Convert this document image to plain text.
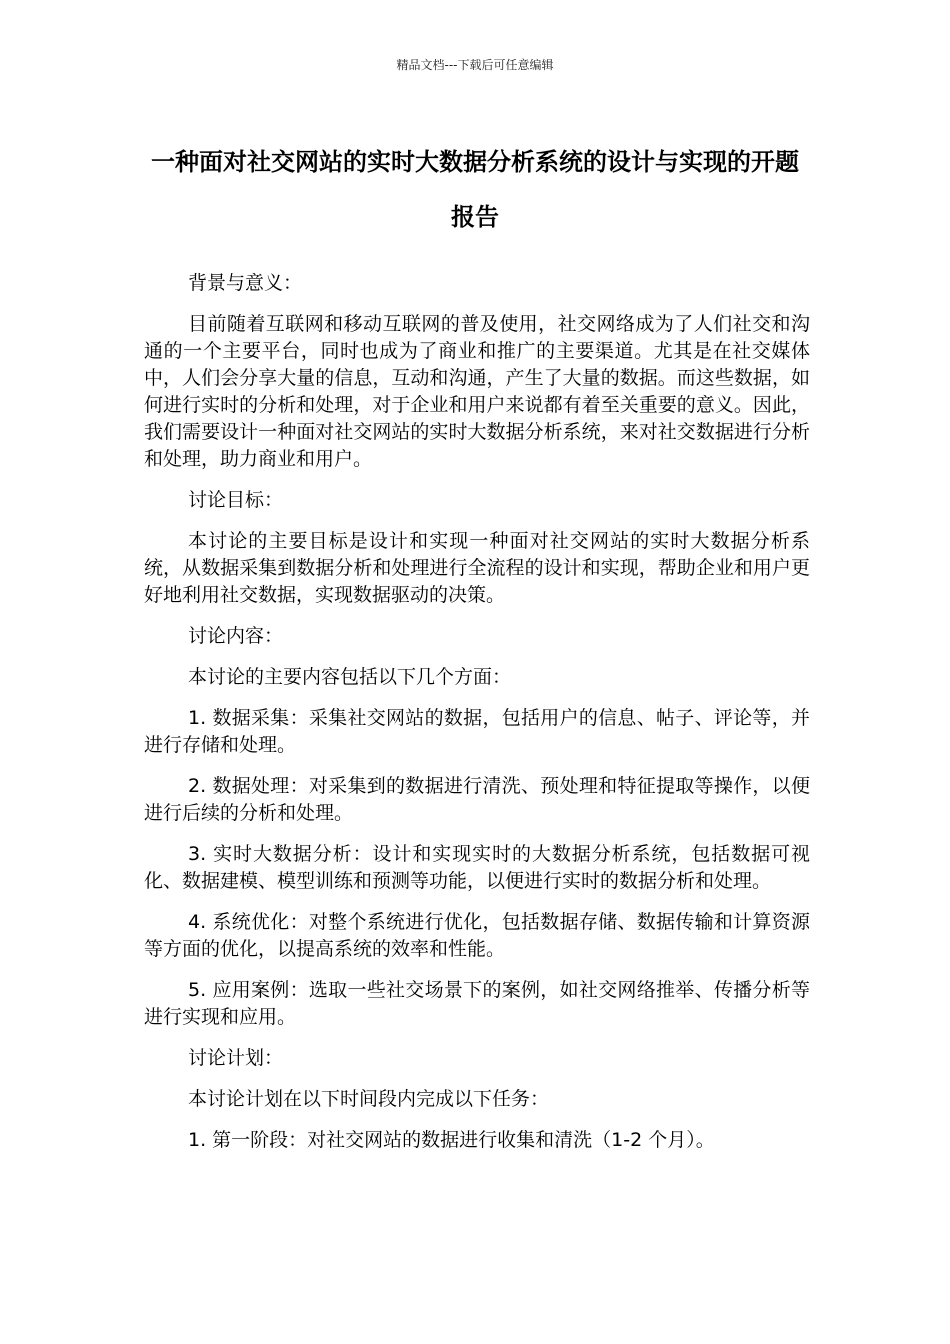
精品文档---下载后可任意编辑
一种面对社交网站的实时大数据分析系统的设计与实现的开题报告

背景与意义：

目前随着互联网和移动互联网的普及使用，社交网络成为了人们社交和沟通的一个主要平台，同时也成为了商业和推广的主要渠道。尤其是在社交媒体中，人们会分享大量的信息，互动和沟通，产生了大量的数据。而这些数据，如何进行实时的分析和处理，对于企业和用户来说都有着至关重要的意义。因此，我们需要设计一种面对社交网站的实时大数据分析系统，来对社交数据进行分析和处理，助力商业和用户。

讨论目标：

本讨论的主要目标是设计和实现一种面对社交网站的实时大数据分析系统，从数据采集到数据分析和处理进行全流程的设计和实现，帮助企业和用户更好地利用社交数据，实现数据驱动的决策。

讨论内容：

本讨论的主要内容包括以下几个方面：

1. 数据采集：采集社交网站的数据，包括用户的信息、帖子、评论等，并进行存储和处理。

2. 数据处理：对采集到的数据进行清洗、预处理和特征提取等操作，以便进行后续的分析和处理。

3. 实时大数据分析：设计和实现实时的大数据分析系统，包括数据可视化、数据建模、模型训练和预测等功能，以便进行实时的数据分析和处理。

4. 系统优化：对整个系统进行优化，包括数据存储、数据传输和计算资源等方面的优化，以提高系统的效率和性能。

5. 应用案例：选取一些社交场景下的案例，如社交网络推举、传播分析等进行实现和应用。

讨论计划：

本讨论计划在以下时间段内完成以下任务：

1. 第一阶段：对社交网站的数据进行收集和清洗（1-2 个月）。
